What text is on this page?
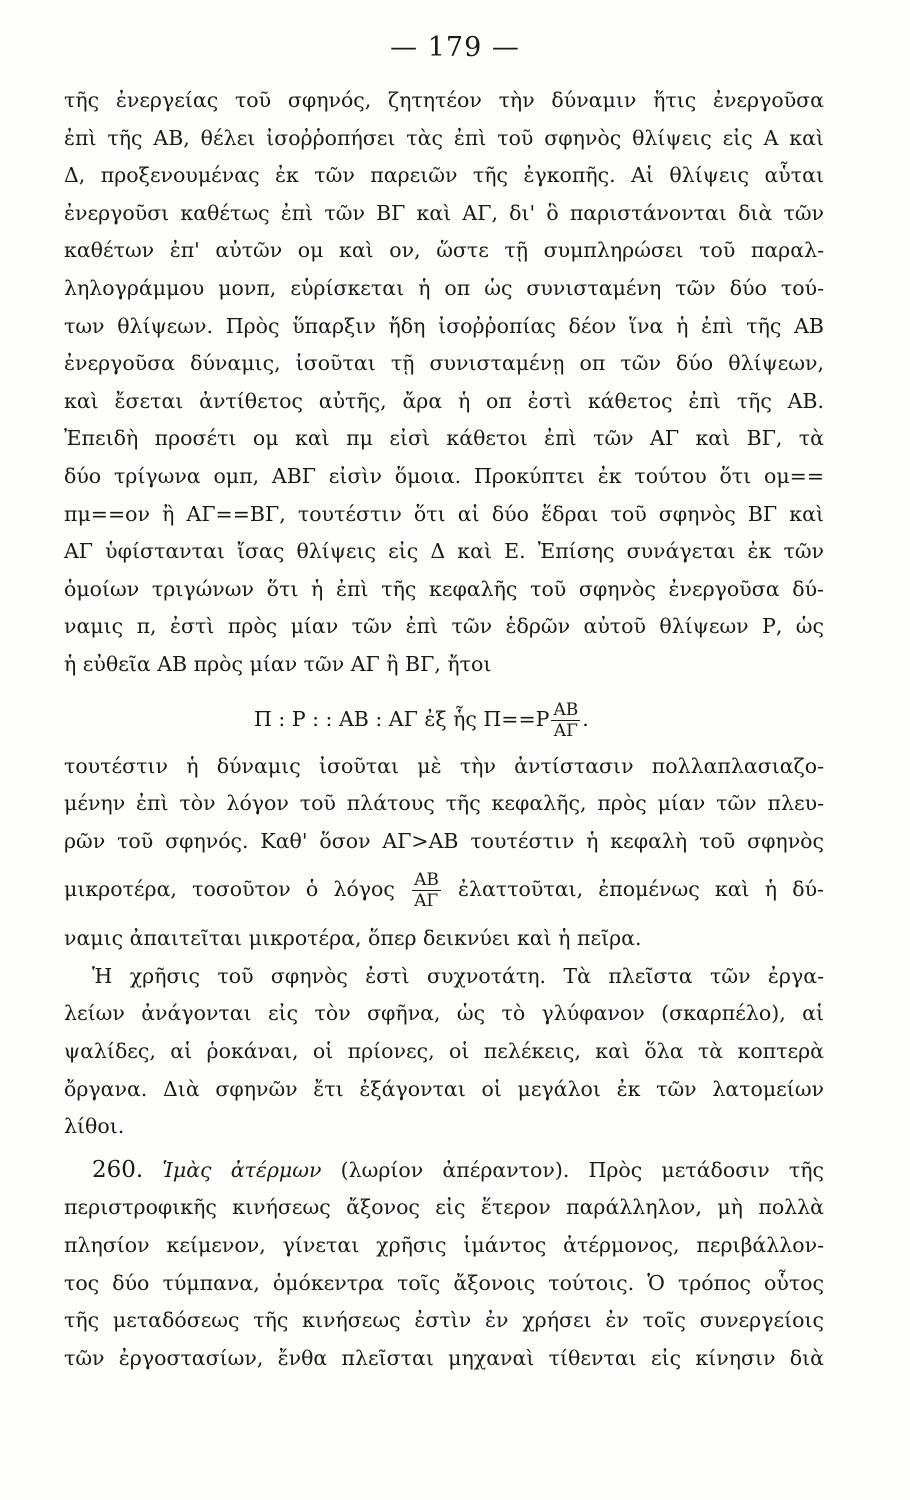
— 179 —
τῆς ἐνεργείας τοῦ σφηνός, ζητητέον τὴν δύναμιν ἥτις ἐνεργοῦσα
ἐπὶ τῆς ΑΒ, θέλει ἰσοῤῥοπήσει τὰς ἐπὶ τοῦ σφηνὸς θλίψεις εἰς Α καὶ
Δ, προξενουμένας ἐκ τῶν παρειῶν τῆς ἐγκοπῆς. Αἱ θλίψεις αὗται
ἐνεργοῦσι καθέτως ἐπὶ τῶν ΒΓ καὶ ΑΓ, δι' ὃ παριστάνονται διὰ τῶν
καθέτων ἐπ' αὐτῶν ομ καὶ ον, ὥστε τῇ συμπληρώσει τοῦ παραλ-
ληλογράμμου μονπ, εὑρίσκεται ἡ οπ ὡς συνισταμένη τῶν δύο τού-
των θλίψεων. Πρὸς ὕπαρξιν ἤδη ἰσοῤῥοπίας δέον ἵνα ἡ ἐπὶ τῆς ΑΒ
ἐνεργοῦσα δύναμις, ἰσοῦται τῇ συνισταμένῃ οπ τῶν δύο θλίψεων,
καὶ ἔσεται ἀντίθετος αὐτῆς, ἄρα ἡ οπ ἐστὶ κάθετος ἐπὶ τῆς ΑΒ.
Ἐπειδὴ προσέτι ομ καὶ πμ εἰσὶ κάθετοι ἐπὶ τῶν ΑΓ καὶ ΒΓ, τὰ
δύο τρίγωνα ομπ, ΑΒΓ εἰσὶν ὅμοια. Προκύπτει ἐκ τούτου ὅτι ομ==
πμ==ον ἢ ΑΓ==ΒΓ, τουτέστιν ὅτι αἱ δύο ἕδραι τοῦ σφηνὸς ΒΓ καὶ
ΑΓ ὑφίστανται ἴσας θλίψεις εἰς Δ καὶ Ε. Ἐπίσης συνάγεται ἐκ τῶν
ὁμοίων τριγώνων ὅτι ἡ ἐπὶ τῆς κεφαλῆς τοῦ σφηνὸς ἐνεργοῦσα δύ-
ναμις π, ἐστὶ πρὸς μίαν τῶν ἐπὶ τῶν ἑδρῶν αὐτοῦ θλίψεων Ρ, ὡς
ἡ εὐθεῖα ΑΒ πρὸς μίαν τῶν ΑΓ ἢ ΒΓ, ἤτοι
Π : Ρ : : ΑΒ : ΑΓ ἐξ ἧς $\Pi==P \frac{AB}{A\Gamma}$ .
τουτέστιν ἡ δύναμις ἰσοῦται μὲ τὴν ἀντίστασιν πολλαπλασιαζο-
μένην ἐπὶ τὸν λόγον τοῦ πλάτους τῆς κεφαλῆς, πρὸς μίαν τῶν πλευ-
ρῶν τοῦ σφηνός. Καθ' ὅσον ΑΓ>ΑΒ τουτέστιν ἡ κεφαλὴ τοῦ σφηνὸς
μικροτέρα, τοσοῦτον ὁ λόγος $\frac{AB}{A\Gamma}$ ἐλαττοῦται, ἐπομένως καὶ ἡ δύ-
ναμις ἀπαιτεῖται μικροτέρα, ὅπερ δεικνύει καὶ ἡ πεῖρα.
Ἡ χρῆσις τοῦ σφηνὸς ἐστὶ συχνοτάτη. Τὰ πλεῖστα τῶν ἐργα-
λείων ἀνάγονται εἰς τὸν σφῆνα, ὡς τὸ γλύφανον (σκαρπέλο), αἱ
ψαλίδες, αἱ ῥοκάναι, οἱ πρίονες, οἱ πελέκεις, καὶ ὅλα τὰ κοπτερὰ
ὄργανα. Διὰ σφηνῶν ἔτι ἐξάγονται οἱ μεγάλοι ἐκ τῶν λατομείων
λίθοι.
260. Ἱμὰς ἀτέρμων (λωρίον ἀπέραντον). Πρὸς μετάδοσιν τῆς
περιστροφικῆς κινήσεως ἄξονος εἰς ἕτερον παράλληλον, μὴ πολλὰ
πλησίον κείμενον, γίνεται χρῆσις ἱμάντος ἀτέρμονος, περιβάλλον-
τος δύο τύμπανα, ὁμόκεντρα τοῖς ἄξονοις τούτοις. Ὁ τρόπος οὗτος
τῆς μεταδόσεως τῆς κινήσεως ἐστὶν ἐν χρήσει ἐν τοῖς συνεργείοις
τῶν ἐργοστασίων, ἔνθα πλεῖσται μηχαναὶ τίθενται εἰς κίνησιν διὰ
